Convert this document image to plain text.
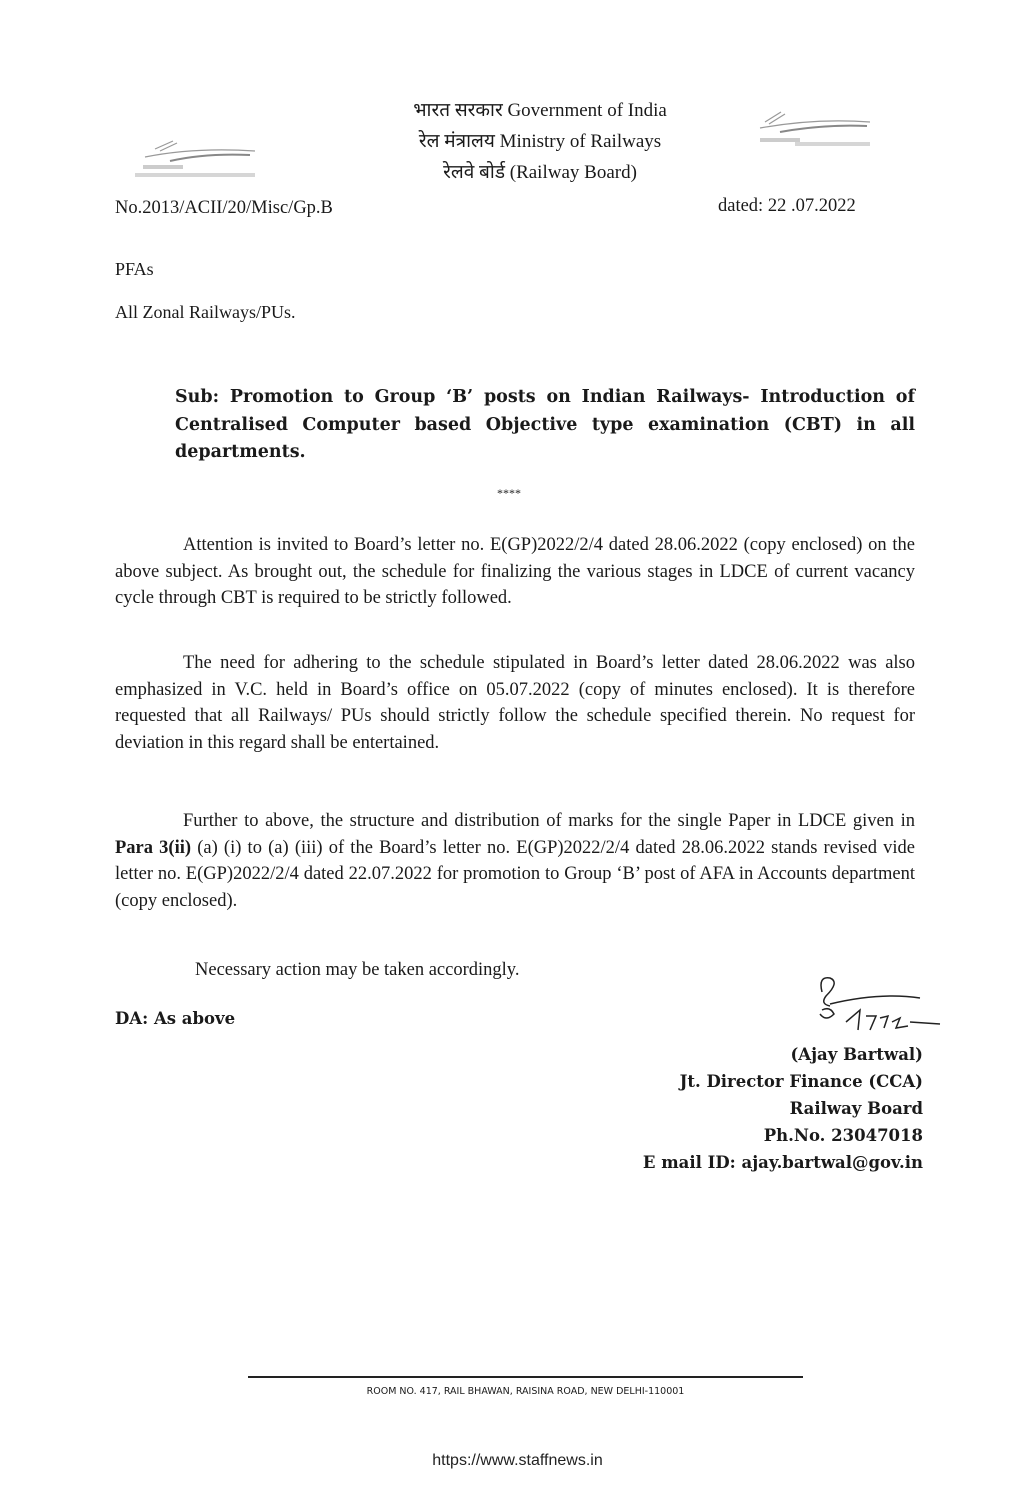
भारत सरकार Government of India
रेल मंत्रालय Ministry of Railways
रेलवे बोर्ड (Railway Board)
No.2013/ACII/20/Misc/Gp.B	dated: 22 .07.2022
PFAs
All Zonal Railways/PUs.
Sub: Promotion to Group ‘B’ posts on Indian Railways- Introduction of Centralised Computer based Objective type examination (CBT) in all departments.
****
Attention is invited to Board’s letter no. E(GP)2022/2/4 dated 28.06.2022 (copy enclosed) on the above subject. As brought out, the schedule for finalizing the various stages in LDCE of current vacancy cycle through CBT is required to be strictly followed.
The need for adhering to the schedule stipulated in Board’s letter dated 28.06.2022 was also emphasized in V.C. held in Board’s office on 05.07.2022 (copy of minutes enclosed). It is therefore requested that all Railways/ PUs should strictly follow the schedule specified therein. No request for deviation in this regard shall be entertained.
Further to above, the structure and distribution of marks for the single Paper in LDCE given in Para 3(ii) (a) (i) to (a) (iii) of the Board’s letter no. E(GP)2022/2/4 dated 28.06.2022 stands revised vide letter no. E(GP)2022/2/4 dated 22.07.2022 for promotion to Group ‘B’ post of AFA in Accounts department (copy enclosed).
Necessary action may be taken accordingly.
DA: As above
(Ajay Bartwal)
Jt. Director Finance (CCA)
Railway Board
Ph.No. 23047018
E mail ID: ajay.bartwal@gov.in
ROOM NO. 417, RAIL BHAWAN, RAISINA ROAD, NEW DELHI-110001
https://www.staffnews.in
